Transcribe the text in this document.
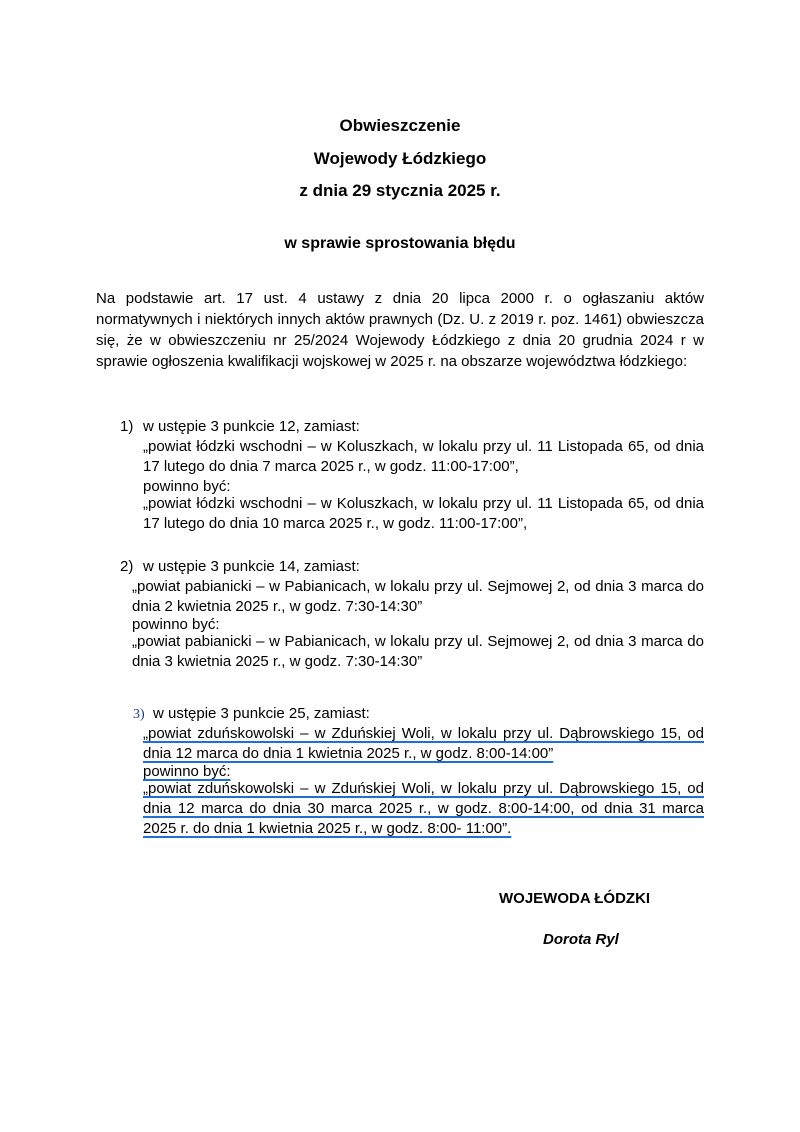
Obwieszczenie
Wojewody Łódzkiego
z dnia 29 stycznia 2025 r.
w sprawie sprostowania błędu
Na podstawie art. 17 ust. 4 ustawy z dnia 20 lipca 2000 r. o ogłaszaniu aktów normatywnych i niektórych innych aktów prawnych (Dz. U. z 2019 r. poz. 1461) obwieszcza się, że w obwieszczeniu nr 25/2024 Wojewody Łódzkiego z dnia 20 grudnia 2024 r w sprawie ogłoszenia kwalifikacji wojskowej w 2025 r. na obszarze województwa łódzkiego:
1) w ustępie 3 punkcie 12, zamiast:
„powiat łódzki wschodni – w Koluszkach, w lokalu przy ul. 11 Listopada 65, od dnia 17 lutego do dnia 7 marca 2025 r., w godz. 11:00-17:00”,
powinno być:
„powiat łódzki wschodni – w Koluszkach, w lokalu przy ul. 11 Listopada 65, od dnia 17 lutego do dnia 10 marca 2025 r., w godz. 11:00-17:00”,
2) w ustępie 3 punkcie 14, zamiast:
„powiat pabianicki – w Pabianicach, w lokalu przy ul. Sejmowej 2, od dnia 3 marca do dnia 2 kwietnia 2025 r., w godz. 7:30-14:30”
powinno być:
„powiat pabianicki – w Pabianicach, w lokalu przy ul. Sejmowej 2, od dnia 3 marca do dnia 3 kwietnia 2025 r., w godz. 7:30-14:30”
3) w ustępie 3 punkcie 25, zamiast:
„powiat zduńskowolski – w Zduńskiej Woli, w lokalu przy ul. Dąbrowskiego 15, od dnia 12 marca do dnia 1 kwietnia 2025 r., w godz. 8:00-14:00”
powinno być:
„powiat zduńskowolski – w Zduńskiej Woli, w lokalu przy ul. Dąbrowskiego 15, od dnia 12 marca do dnia 30 marca 2025 r., w godz. 8:00-14:00, od dnia 31 marca 2025 r. do dnia 1 kwietnia 2025 r., w godz. 8:00- 11:00”.
WOJEWODA ŁÓDZKI
Dorota Ryl
